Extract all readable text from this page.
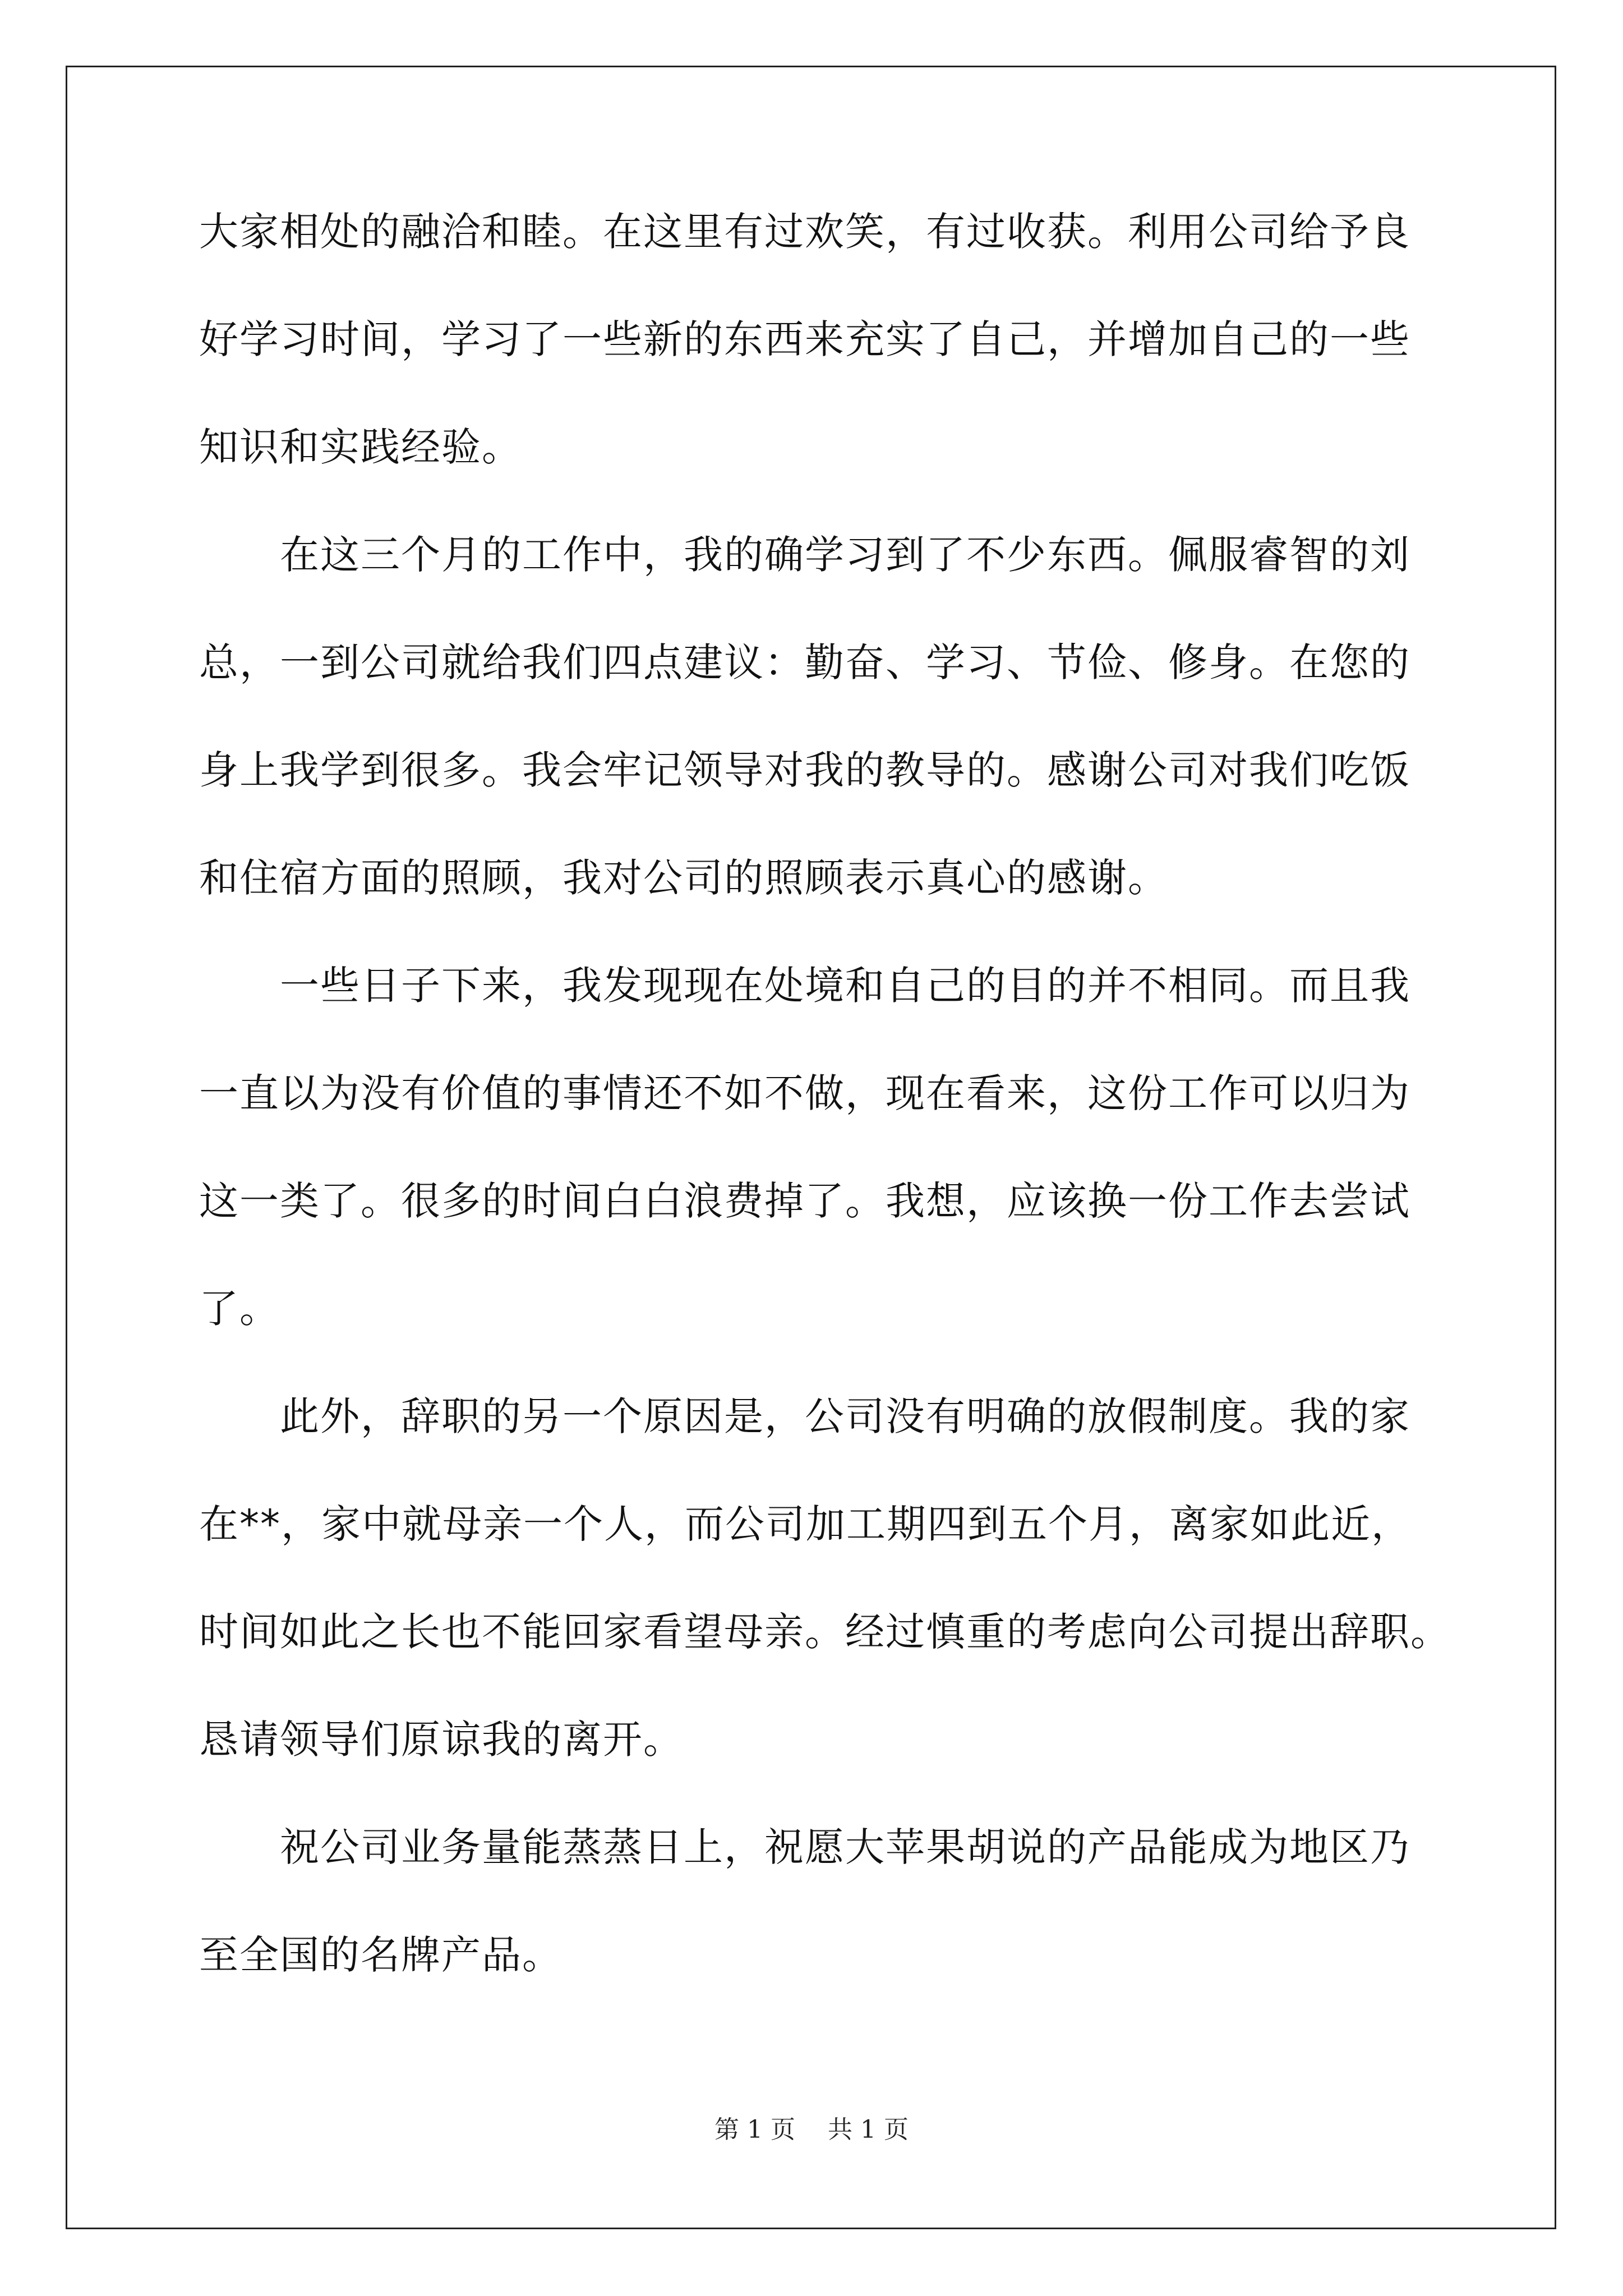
大家相处的融洽和睦。在这里有过欢笑，有过收获。利用公司给予良
好学习时间，学习了一些新的东西来充实了自己，并增加自己的一些
知识和实践经验。
　　在这三个月的工作中，我的确学习到了不少东西。佩服睿智的刘
总，一到公司就给我们四点建议：勤奋、学习、节俭、修身。在您的
身上我学到很多。我会牢记领导对我的教导的。感谢公司对我们吃饭
和住宿方面的照顾，我对公司的照顾表示真心的感谢。
　　一些日子下来，我发现现在处境和自己的目的并不相同。而且我
一直以为没有价值的事情还不如不做，现在看来，这份工作可以归为
这一类了。很多的时间白白浪费掉了。我想，应该换一份工作去尝试
了。
　　此外，辞职的另一个原因是，公司没有明确的放假制度。我的家
在**，家中就母亲一个人，而公司加工期四到五个月，离家如此近，
时间如此之长也不能回家看望母亲。经过慎重的考虑向公司提出辞职。
恳请领导们原谅我的离开。
　　祝公司业务量能蒸蒸日上，祝愿大苹果胡说的产品能成为地区乃
至全国的名牌产品。
第 1 页　 共 1 页
